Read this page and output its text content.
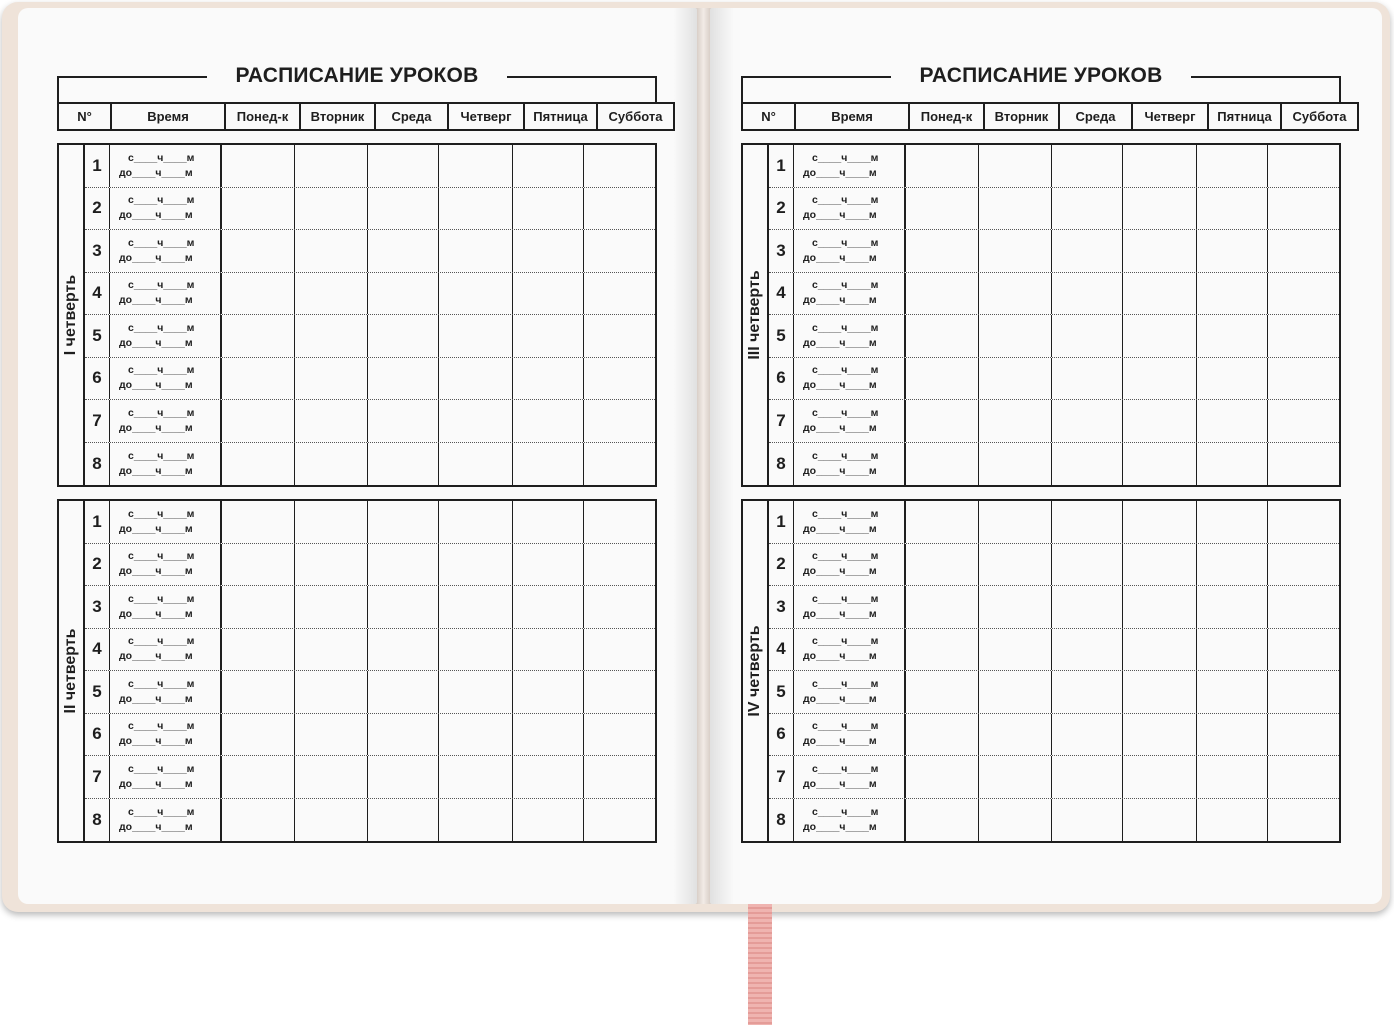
РАСПИСАНИЕ УРОКОВ
N°	Время	Понед-к	Вторник	Среда	Четверг	Пятница	Суббота
I четверть
1	с____ч____м
до____ч____м
2	с____ч____м
до____ч____м
3	с____ч____м
до____ч____м
4	с____ч____м
до____ч____м
5	с____ч____м
до____ч____м
6	с____ч____м
до____ч____м
7	с____ч____м
до____ч____м
8	с____ч____м
до____ч____м
II четверть
1	с____ч____м
до____ч____м
2	с____ч____м
до____ч____м
3	с____ч____м
до____ч____м
4	с____ч____м
до____ч____м
5	с____ч____м
до____ч____м
6	с____ч____м
до____ч____м
7	с____ч____м
до____ч____м
8	с____ч____м
до____ч____м
РАСПИСАНИЕ УРОКОВ
N°	Время	Понед-к	Вторник	Среда	Четверг	Пятница	Суббота
III четверть
1	с____ч____м
до____ч____м
2	с____ч____м
до____ч____м
3	с____ч____м
до____ч____м
4	с____ч____м
до____ч____м
5	с____ч____м
до____ч____м
6	с____ч____м
до____ч____м
7	с____ч____м
до____ч____м
8	с____ч____м
до____ч____м
IV четверть
1	с____ч____м
до____ч____м
2	с____ч____м
до____ч____м
3	с____ч____м
до____ч____м
4	с____ч____м
до____ч____м
5	с____ч____м
до____ч____м
6	с____ч____м
до____ч____м
7	с____ч____м
до____ч____м
8	с____ч____м
до____ч____м
